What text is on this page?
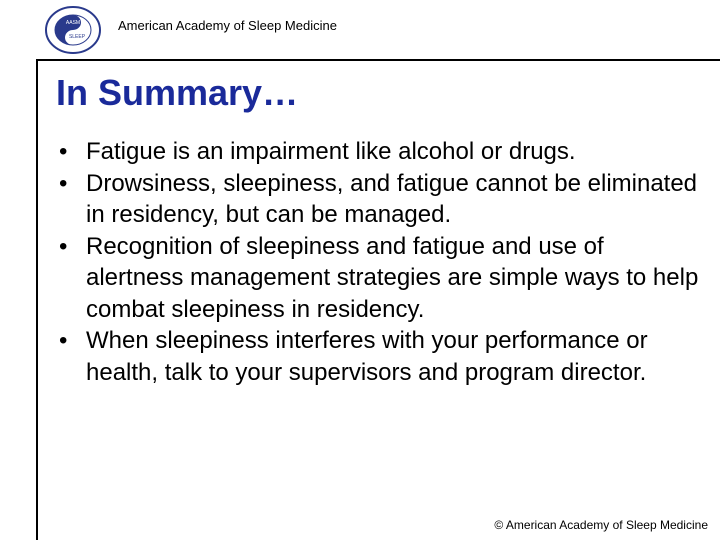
AASM
SLEEP
American Academy of Sleep Medicine
In Summary…
• Fatigue is an impairment like alcohol or drugs.
• Drowsiness, sleepiness, and fatigue cannot be eliminated in residency, but can be managed.
• Recognition of sleepiness and fatigue and use of alertness management strategies are simple ways to help combat sleepiness in residency.
• When sleepiness interferes with your performance or health, talk to your supervisors and program director.
© American Academy of Sleep Medicine
